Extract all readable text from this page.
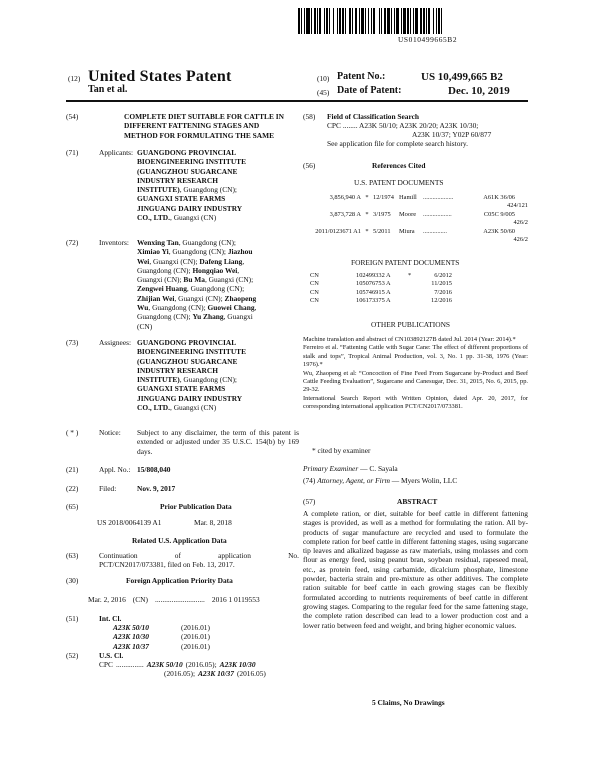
US010499665B2
(12) United States Patent
Tan et al.
(10) Patent No.:	US 10,499,665 B2
(45) Date of Patent:	Dec. 10, 2019
(54)	COMPLETE DIET SUITABLE FOR CATTLE IN DIFFERENT FATTENING STAGES AND METHOD FOR FORMULATING THE SAME
(71)	Applicants: GUANGDONG PROVINCIAL
BIOENGINEERING INSTITUTE
(GUANGZHOU SUGARCANE
INDUSTRY RESEARCH
INSTITUTE), Guangdong (CN);
GUANGXI STATE FARMS
JINGUANG DAIRY INDUSTRY
CO., LTD., Guangxi (CN)
(72)	Inventors: Wenxing Tan, Guangdong (CN);
Ximiao Yi, Guangdong (CN); Jiazhou
Wei, Guangxi (CN); Dafeng Liang,
Guangdong (CN); Hongqiao Wei,
Guangxi (CN); Bu Ma, Guangxi (CN);
Zengwei Huang, Guangdong (CN);
Zhijian Wei, Guangxi (CN); Zhaopeng
Wu, Guangdong (CN); Guowei Chang,
Guangdong (CN); Yu Zhang, Guangxi
(CN)
(73)	Assignees: GUANGDONG PROVINCIAL
BIOENGINEERING INSTITUTE
(GUANGZHOU SUGARCANE
INDUSTRY RESEARCH
INSTITUTE), Guangdong (CN);
GUANGXI STATE FARMS
JINGUANG DAIRY INDUSTRY
CO., LTD., Guangxi (CN)
( * )	Notice: Subject to any disclaimer, the term of this patent is extended or adjusted under 35 U.S.C. 154(b) by 169 days.
(21)	Appl. No.: 15/808,040
(22)	Filed:	Nov. 9, 2017
(65)	Prior Publication Data
US 2018/0064139 A1	Mar. 8, 2018
Related U.S. Application Data
(63)	Continuation	of	application	No.
PCT/CN2017/073381, filed on Feb. 13, 2017.
(30)	Foreign Application Priority Data
Mar. 2, 2016 (CN) ........................... 2016 1 0119553
(51)	Int. Cl.
A23K 50/10	(2016.01)
A23K 10/30	(2016.01)
A23K 10/37	(2016.01)
(52)	U.S. Cl.
CPC ............... A23K 50/10 (2016.05); A23K 10/30
(2016.05); A23K 10/37 (2016.05)
(58) Field of Classification Search
CPC ........ A23K 50/10; A23K 20/20; A23K 10/30;
A23K 10/37; Y02P 60/877
See application file for complete search history.
(56)	References Cited
U.S. PATENT DOCUMENTS
3,856,940 A * 12/1974 Hamill ...................	A61K 36/06
424/121
3,873,728 A * 3/1975	Moore	..................	C05C 9/005
426/2
2011/0123671 A1 * 5/2011	Miura	...............	A23K 50/60
426/2
FOREIGN PATENT DOCUMENTS
CN	102499332 A	*	6/2012
CN	105076753 A	11/2015
CN	105746915 A	7/2016
CN	106173375 A	12/2016
OTHER PUBLICATIONS
Machine translation and abstract of CN103892127B dated Jul. 2014 (Year: 2014).*
Ferreiro et al. “Fattening Cattle with Sugar Cane: The effect of different proportions of stalk and tops”, Tropical Animal Production, vol. 3, No. 1 pp. 31-38, 1976 (Year: 1976).*
Wu, Zhaopeng et al: “Concoction of Fine Feed From Sugarcane by-Product and Beef Cattle Feeding Evaluation”, Sugarcane and Canesugar, Dec. 31, 2015, No. 6, 2015, pp. 29-32.
International Search Report with Written Opinion, dated Apr. 20, 2017, for corresponding international application PCT/CN2017/073381.
* cited by examiner
Primary Examiner — C. Sayala
(74) Attorney, Agent, or Firm — Myers Wolin, LLC
(57)	ABSTRACT
A complete ration, or diet, suitable for beef cattle in different fattening stages is provided, as well as a method for formulating the ration. All by-products of sugar manufacture are recycled and used to formulate the complete ration for beef cattle in different fattening stages, using sugarcane tip leaves and alkalized bagasse as raw materials, using molasses and corn flour as energy feed, using peanut bran, soybean residual, rapeseed meal, etc., as protein feed, using carbamide, dicalcium phosphate, limestone powder, bacteria strain and pre-mixture as other additives. The complete ration suitable for beef cattle in each growing stages can be flexibly formulated according to nutrients requirements of beef cattle in different growing stages. Comparing to the regular feed for the same fattening stage, the complete ration described can lead to a lower production cost and a lower ratio between feed and weight, and bring higher economic values.
5 Claims, No Drawings
